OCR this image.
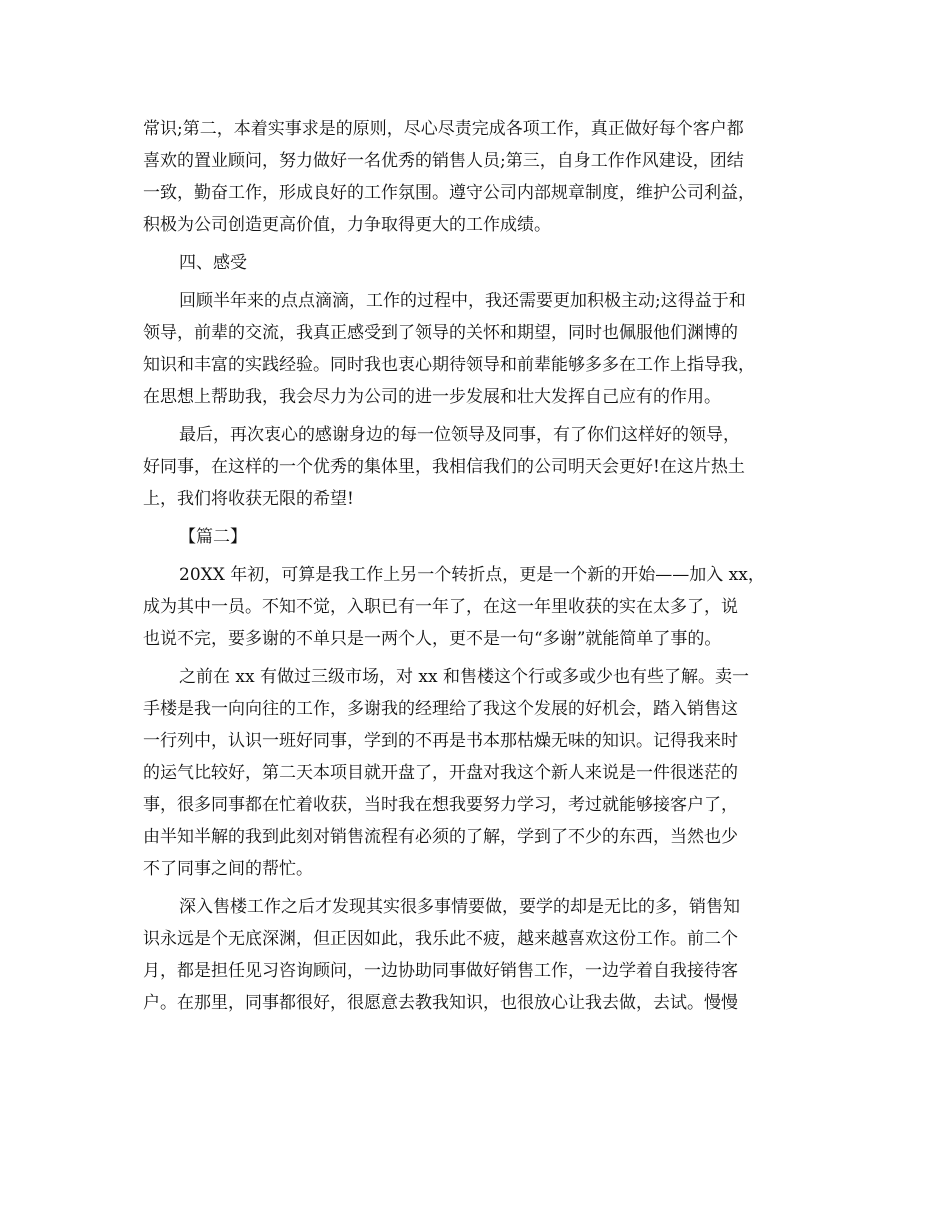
常识;第二，本着实事求是的原则，尽心尽责完成各项工作，真正做好每个客户都
喜欢的置业顾问，努力做好一名优秀的销售人员;第三，自身工作作风建设，团结
一致，勤奋工作，形成良好的工作氛围。遵守公司内部规章制度，维护公司利益，
积极为公司创造更高价值，力争取得更大的工作成绩。

四、感受

回顾半年来的点点滴滴，工作的过程中，我还需要更加积极主动;这得益于和
领导，前辈的交流，我真正感受到了领导的关怀和期望，同时也佩服他们渊博的
知识和丰富的实践经验。同时我也衷心期待领导和前辈能够多多在工作上指导我，
在思想上帮助我，我会尽力为公司的进一步发展和壮大发挥自己应有的作用。
最后，再次衷心的感谢身边的每一位领导及同事，有了你们这样好的领导，
好同事，在这样的一个优秀的集体里，我相信我们的公司明天会更好!在这片热土
上，我们将收获无限的希望!

【篇二】

20XX 年初，可算是我工作上另一个转折点，更是一个新的开始——加入 xx，
成为其中一员。不知不觉，入职已有一年了，在这一年里收获的实在太多了，说
也说不完，要多谢的不单只是一两个人，更不是一句“多谢”就能简单了事的。
之前在 xx 有做过三级市场，对 xx 和售楼这个行或多或少也有些了解。卖一
手楼是我一向向往的工作，多谢我的经理给了我这个发展的好机会，踏入销售这
一行列中，认识一班好同事，学到的不再是书本那枯燥无味的知识。记得我来时
的运气比较好，第二天本项目就开盘了，开盘对我这个新人来说是一件很迷茫的
事，很多同事都在忙着收获，当时我在想我要努力学习，考过就能够接客户了，
由半知半解的我到此刻对销售流程有必须的了解，学到了不少的东西，当然也少
不了同事之间的帮忙。
深入售楼工作之后才发现其实很多事情要做，要学的却是无比的多，销售知
识永远是个无底深渊，但正因如此，我乐此不疲，越来越喜欢这份工作。前二个
月，都是担任见习咨询顾问，一边协助同事做好销售工作，一边学着自我接待客
户。在那里，同事都很好，很愿意去教我知识，也很放心让我去做，去试。慢慢
